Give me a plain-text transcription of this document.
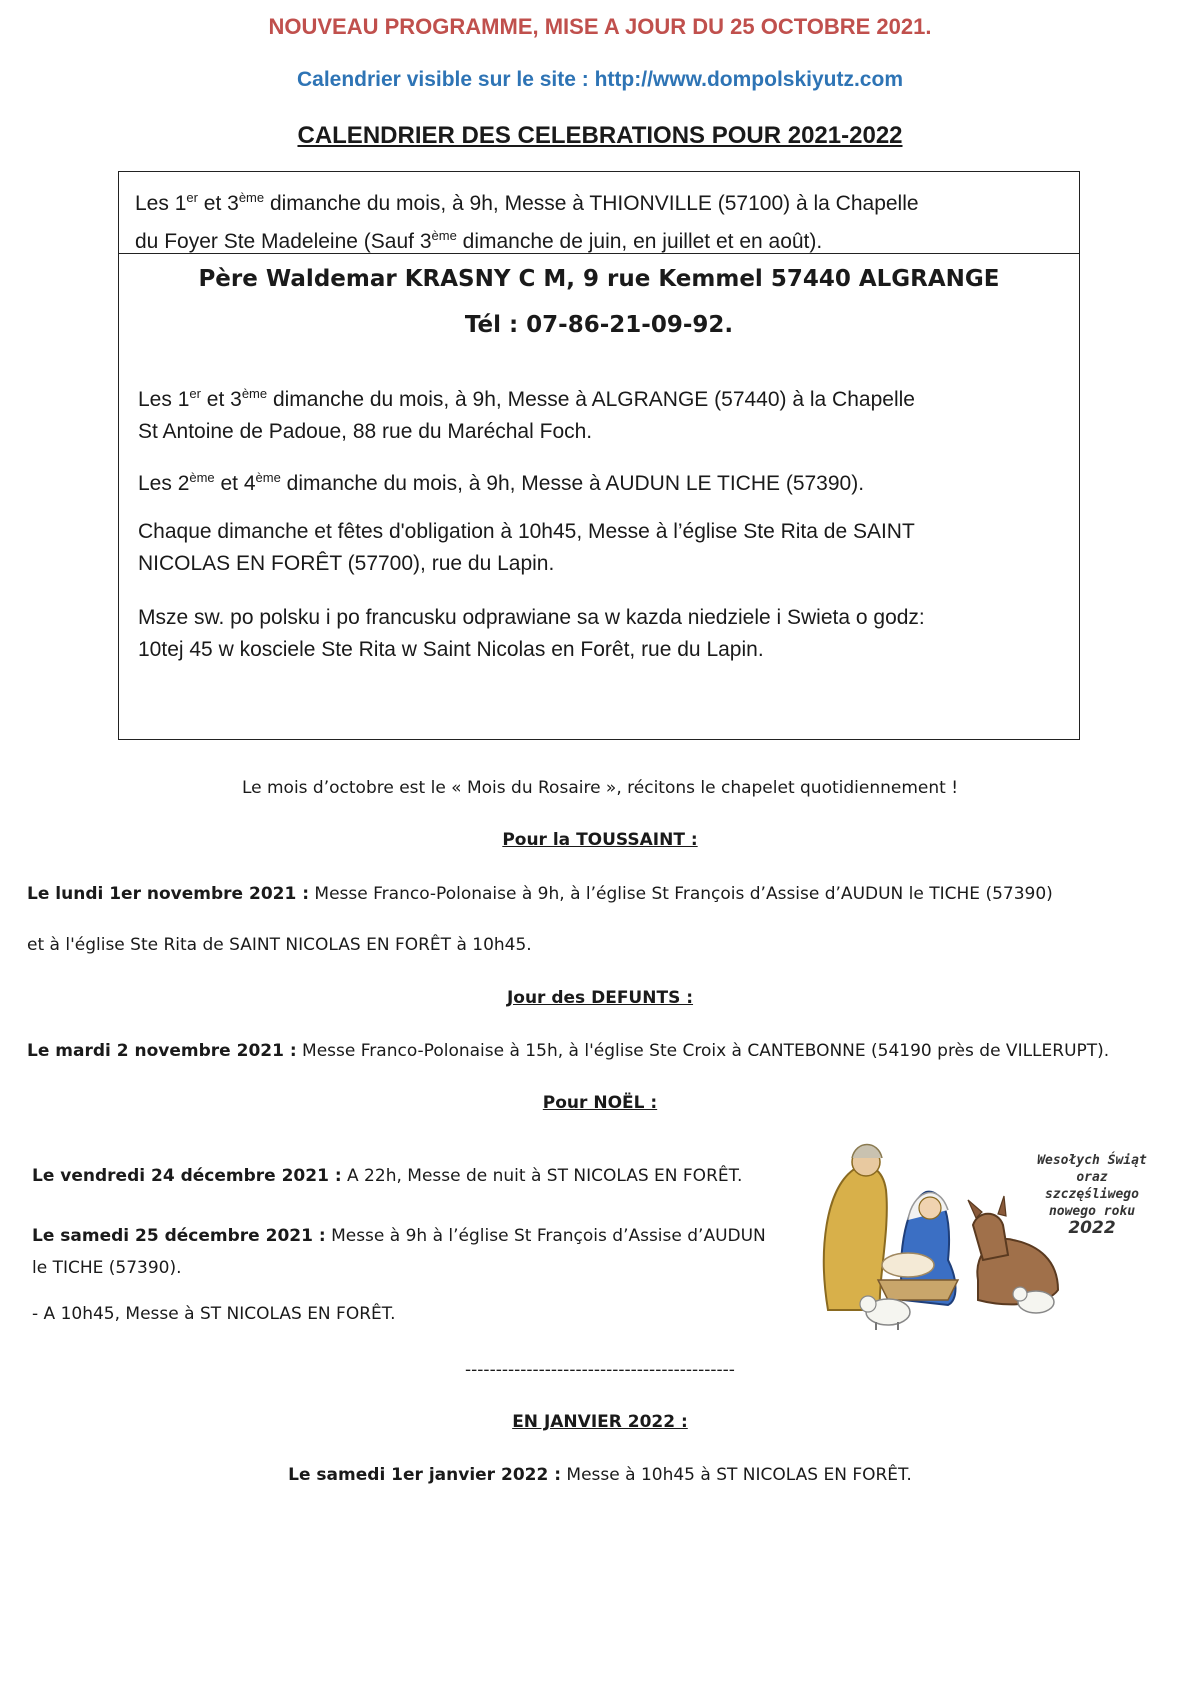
NOUVEAU PROGRAMME, MISE A JOUR DU 25 OCTOBRE 2021.
Calendrier visible sur le site : http://www.dompolskiyutz.com
CALENDRIER DES CELEBRATIONS POUR 2021-2022
Les 1er et 3ème dimanche du mois, à 9h, Messe à THIONVILLE (57100) à la Chapelle
du Foyer Ste Madeleine (Sauf 3ème dimanche de juin, en juillet et en août).
Père Waldemar KRASNY C M, 9 rue Kemmel 57440 ALGRANGE
Tél : 07-86-21-09-92.
Les 1er et 3ème dimanche du mois, à 9h, Messe à ALGRANGE (57440) à la Chapelle
St Antoine de Padoue, 88 rue du Maréchal Foch.
Les 2ème et 4ème dimanche du mois, à 9h, Messe à AUDUN LE TICHE (57390).
Chaque dimanche et fêtes d'obligation à 10h45, Messe à l’église Ste Rita de SAINT
NICOLAS EN FORÊT (57700), rue du Lapin.
Msze sw. po polsku i po francusku odprawiane sa w kazda niedziele i Swieta o godz:
10tej 45 w kosciele Ste Rita w Saint Nicolas en Forêt, rue du Lapin.
Le mois d’octobre est le « Mois du Rosaire », récitons le chapelet quotidiennement !
Pour la TOUSSAINT :
Le lundi 1er novembre 2021 : Messe Franco-Polonaise à 9h, à l’église St François d’Assise d’AUDUN le TICHE (57390)
et à l'église Ste Rita de SAINT NICOLAS EN FORÊT à 10h45.
Jour des DEFUNTS :
Le mardi 2 novembre 2021 : Messe Franco-Polonaise à 15h, à l'église Ste Croix à CANTEBONNE (54190 près de VILLERUPT).
Pour NOËL :
Le vendredi 24 décembre 2021 : A 22h, Messe de nuit à ST NICOLAS EN FORÊT.
Le samedi 25 décembre 2021 : Messe à 9h à l’église St François d’Assise d’AUDUN
le TICHE (57390).
- A 10h45, Messe à ST NICOLAS EN FORÊT.
Wesołych Świąt
oraz
szczęśliwego
nowego roku
2022
--------------------------------------------
EN JANVIER 2022 :
Le samedi 1er janvier 2022 : Messe à 10h45 à ST NICOLAS EN FORÊT.
